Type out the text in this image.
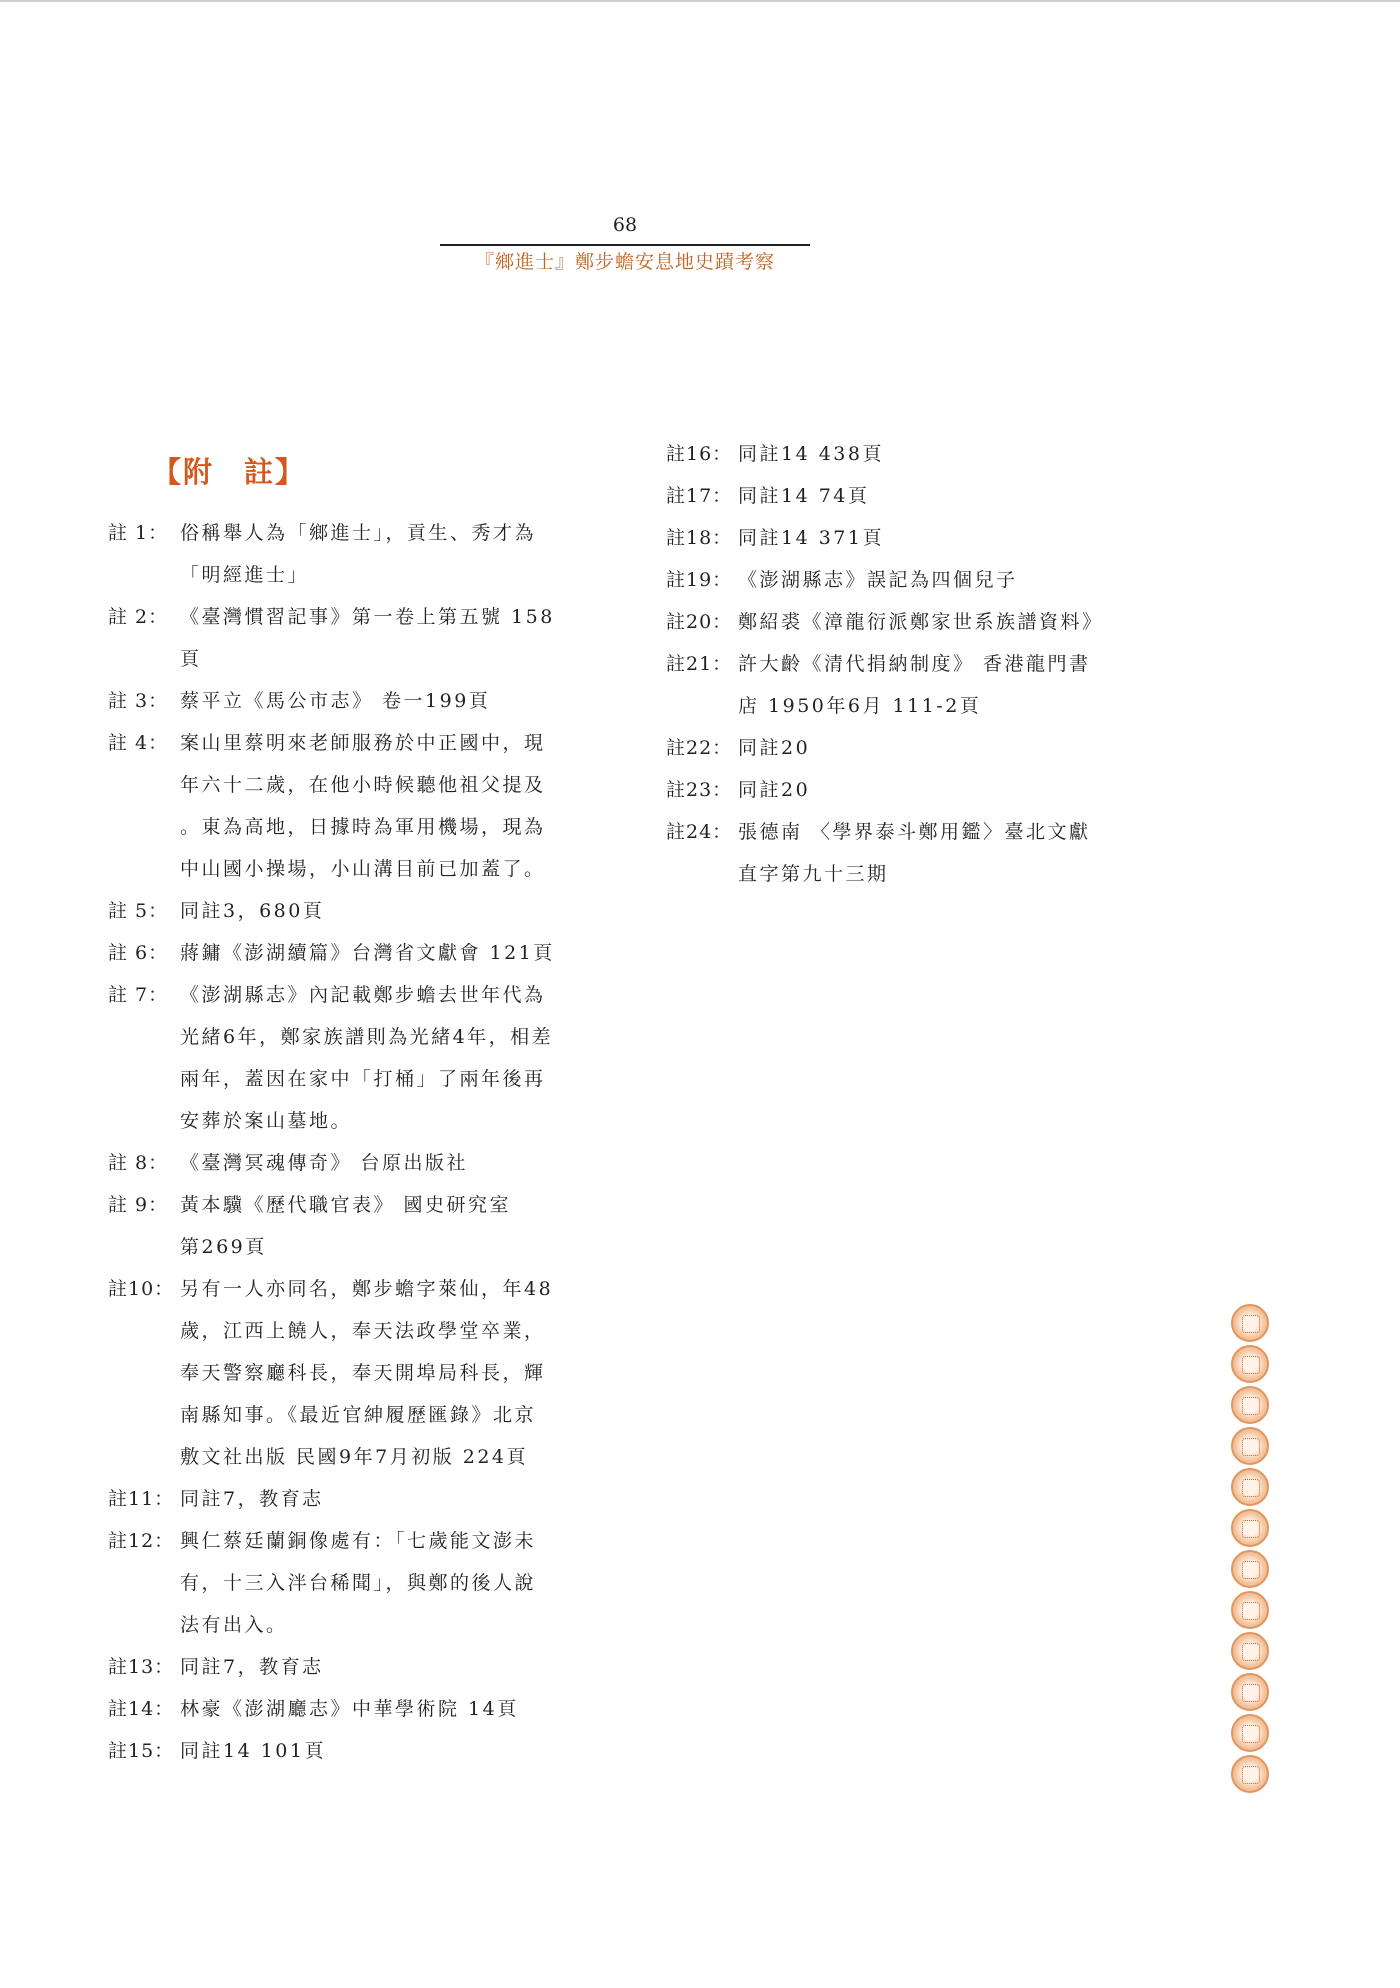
68
『鄉進士』鄭步蟾安息地史蹟考察
【附 註】
註 1： 俗稱舉人為「鄉進士」，貢生、秀才為
「明經進士」
註 2： 《臺灣慣習記事》第一卷上第五號 158
頁
註 3： 蔡平立《馬公市志》 卷一199頁
註 4： 案山里蔡明來老師服務於中正國中，現
年六十二歲，在他小時候聽他祖父提及
。東為高地，日據時為軍用機場，現為
中山國小操場，小山溝目前已加蓋了。
註 5： 同註3，680頁
註 6： 蔣鏞《澎湖續篇》台灣省文獻會 121頁
註 7： 《澎湖縣志》內記載鄭步蟾去世年代為
光緒6年，鄭家族譜則為光緒4年，相差
兩年，蓋因在家中「打桶」了兩年後再
安葬於案山墓地。
註 8： 《臺灣冥魂傳奇》 台原出版社
註 9： 黃本驥《歷代職官表》 國史研究室
第269頁
註10： 另有一人亦同名，鄭步蟾字萊仙，年48
歲，江西上饒人，奉天法政學堂卒業，
奉天警察廳科長，奉天開埠局科長，輝
南縣知事。《最近官紳履歷匯錄》北京
敷文社出版 民國9年7月初版 224頁
註11： 同註7，教育志
註12： 興仁蔡廷蘭銅像處有：「七歲能文澎未
有，十三入泮台稀聞」，與鄭的後人說
法有出入。
註13： 同註7，教育志
註14： 林豪《澎湖廳志》中華學術院 14頁
註15： 同註14 101頁
註16： 同註14 438頁
註17： 同註14 74頁
註18： 同註14 371頁
註19： 《澎湖縣志》誤記為四個兒子
註20： 鄭紹裘《漳龍衍派鄭家世系族譜資料》
註21： 許大齡《清代捐納制度》 香港龍門書
店 1950年6月 111-2頁
註22： 同註20
註23： 同註20
註24： 張德南 〈學界泰斗鄭用鑑〉臺北文獻
直字第九十三期
